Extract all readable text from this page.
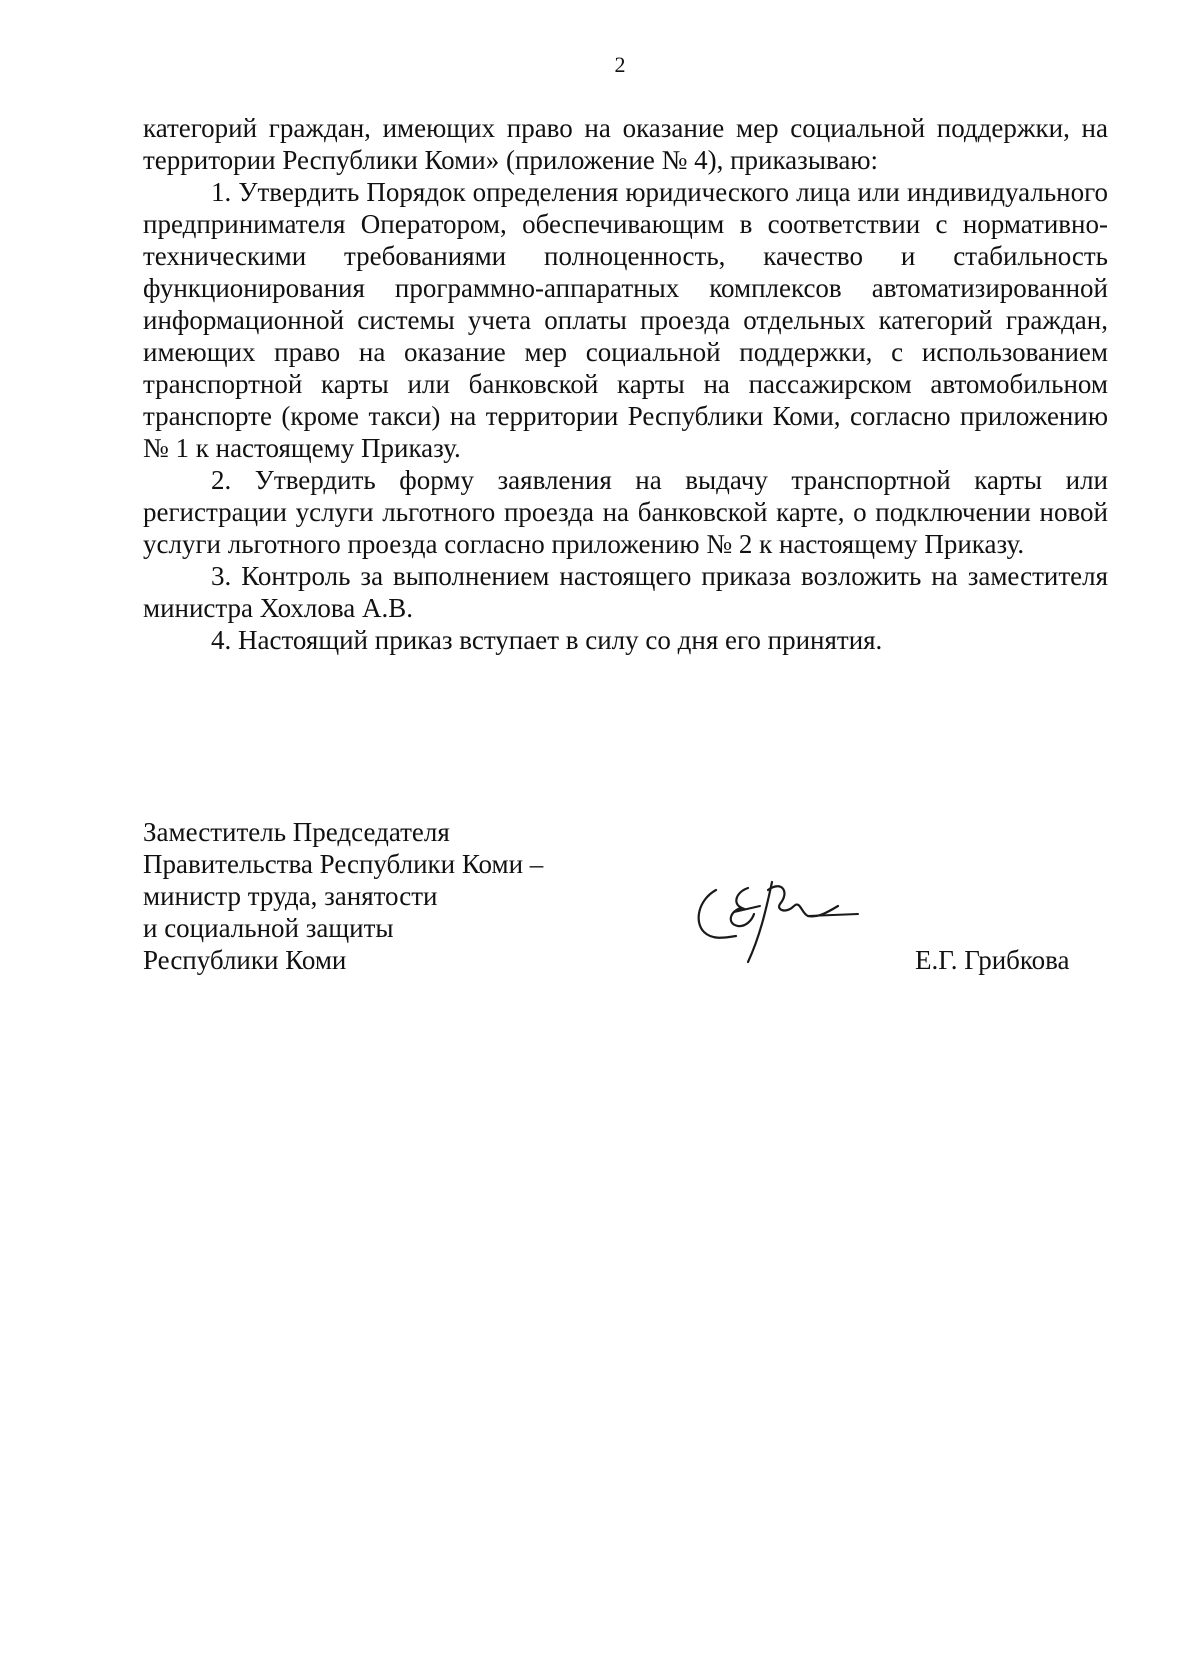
2

категорий граждан, имеющих право на оказание мер социальной поддержки, на территории Республики Коми» (приложение № 4), приказываю:

1. Утвердить Порядок определения юридического лица или индивидуального предпринимателя Оператором, обеспечивающим в соответствии с нормативно-техническими требованиями полноценность, качество и стабильность функционирования программно-аппаратных комплексов автоматизированной информационной системы учета оплаты проезда отдельных категорий граждан, имеющих право на оказание мер социальной поддержки, с использованием транспортной карты или банковской карты на пассажирском автомобильном транспорте (кроме такси) на территории Республики Коми, согласно приложению № 1 к настоящему Приказу.

2. Утвердить форму заявления на выдачу транспортной карты или регистрации услуги льготного проезда на банковской карте, о подключении новой услуги льготного проезда согласно приложению № 2 к настоящему Приказу.

3. Контроль за выполнением настоящего приказа возложить на заместителя министра Хохлова А.В.

4. Настоящий приказ вступает в силу со дня его принятия.

Заместитель Председателя
Правительства Республики Коми –
министр труда, занятости
и социальной защиты
Республики Коми	Е.Г. Грибкова
